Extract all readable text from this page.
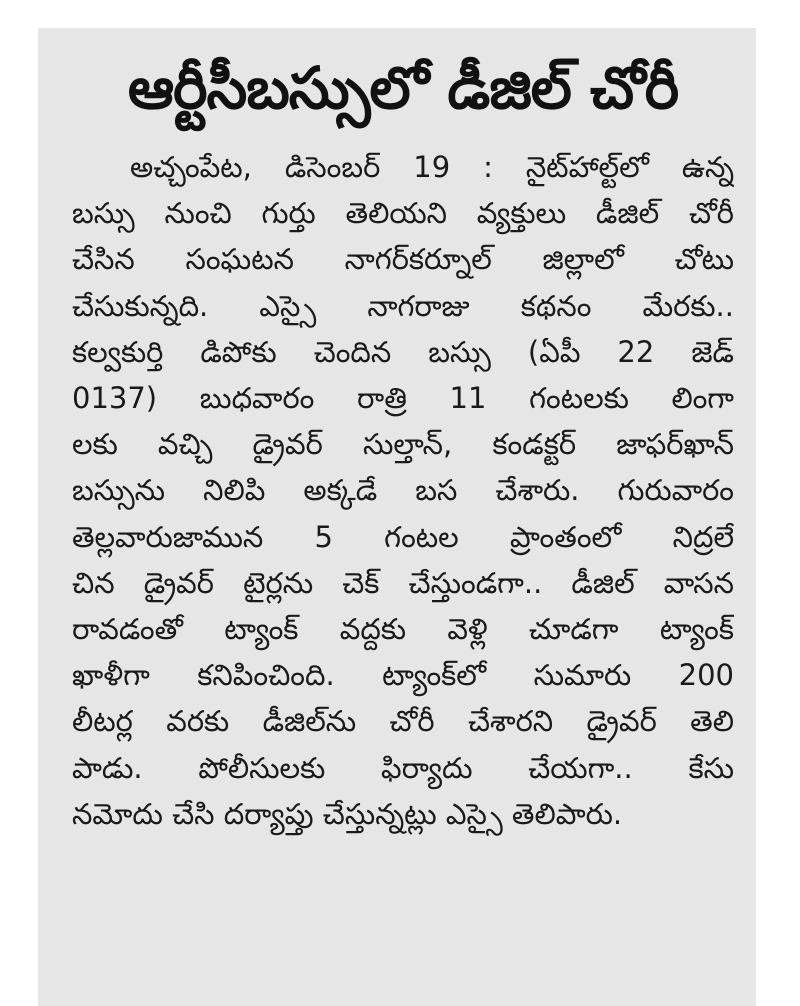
ఆర్టీసీబస్సులో డీజిల్ చోరీ
అచ్చంపేట, డిసెంబర్ 19 : నైట్‌హాల్ట్‌లో ఉన్న
బస్సు నుంచి గుర్తు తెలియని వ్యక్తులు డీజిల్ చోరీ
చేసిన సంఘటన నాగర్‌కర్నూల్ జిల్లాలో చోటు
చేసుకున్నది. ఎస్సై నాగరాజు కథనం మేరకు..
కల్వకుర్తి డిపోకు చెందిన బస్సు (ఏపీ 22 జెడ్
0137) బుధవారం రాత్రి 11 గంటలకు లింగా
లకు వచ్చి డ్రైవర్ సుల్తాన్, కండక్టర్ జాఫర్‌ఖాన్
బస్సును నిలిపి అక్కడే బస చేశారు. గురువారం
తెల్లవారుజామున 5 గంటల ప్రాంతంలో నిద్రలే
చిన డ్రైవర్ టైర్లను చెక్ చేస్తుండగా.. డీజిల్ వాసన
రావడంతో ట్యాంక్ వద్దకు వెళ్లి చూడగా ట్యాంక్
ఖాళీగా కనిపించింది. ట్యాంక్‌లో సుమారు 200
లీటర్ల వరకు డీజిల్‌ను చోరీ చేశారని డ్రైవర్ తెలి
పాడు. పోలీసులకు ఫిర్యాదు చేయగా.. కేసు
నమోదు చేసి దర్యాప్తు చేస్తున్నట్లు ఎస్సై తెలిపారు.
